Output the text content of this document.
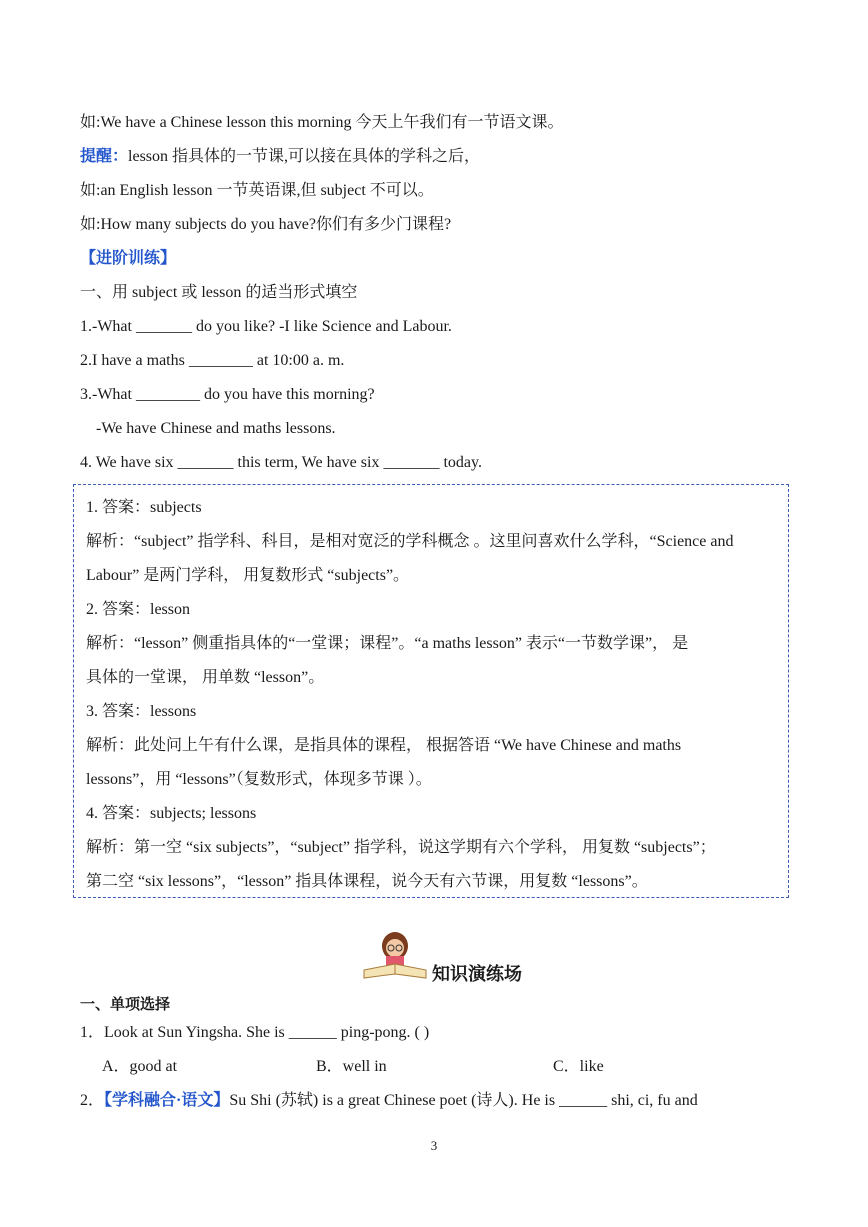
如:We have a Chinese lesson this morning 今天上午我们有一节语文课。
提醒：lesson 指具体的一节课,可以接在具体的学科之后，
如:an English lesson 一节英语课,但 subject 不可以。
如:How many subjects do you have?你们有多少门课程?
【进阶训练】
一、用 subject 或 lesson 的适当形式填空
1.-What _______ do you like? -I like Science and Labour.
2.I have a maths ________ at 10:00 a. m.
3.-What ________ do you have this morning?
-We have Chinese and maths lessons.
4. We have six _______ this term, We have six _______ today.
1. 答案：subjects
解析：“subject” 指学科、科目，是相对宽泛的学科概念 。这里问喜欢什么学科，“Science and
Labour” 是两门学科， 用复数形式 “subjects”。
2. 答案：lesson
解析：“lesson” 侧重指具体的“一堂课；课程”。“a maths lesson” 表示“一节数学课”， 是
具体的一堂课， 用单数 “lesson”。
3. 答案：lessons
解析：此处问上午有什么课，是指具体的课程， 根据答语 “We have Chinese and maths
lessons”，用 “lessons”（复数形式，体现多节课 ）。
4. 答案：subjects; lessons
解析：第一空 “six subjects”，“subject” 指学科，说这学期有六个学科， 用复数 “subjects”；
第二空 “six lessons”，“lesson” 指具体课程，说今天有六节课，用复数 “lessons”。
知识演练场
一、单项选择
1．Look at Sun Yingsha. She is ______ ping-pong. ( )
A．good at	B．well in	C．like
2．【学科融合·语文】Su Shi (苏轼) is a great Chinese poet (诗人). He is ______ shi, ci, fu and
3
